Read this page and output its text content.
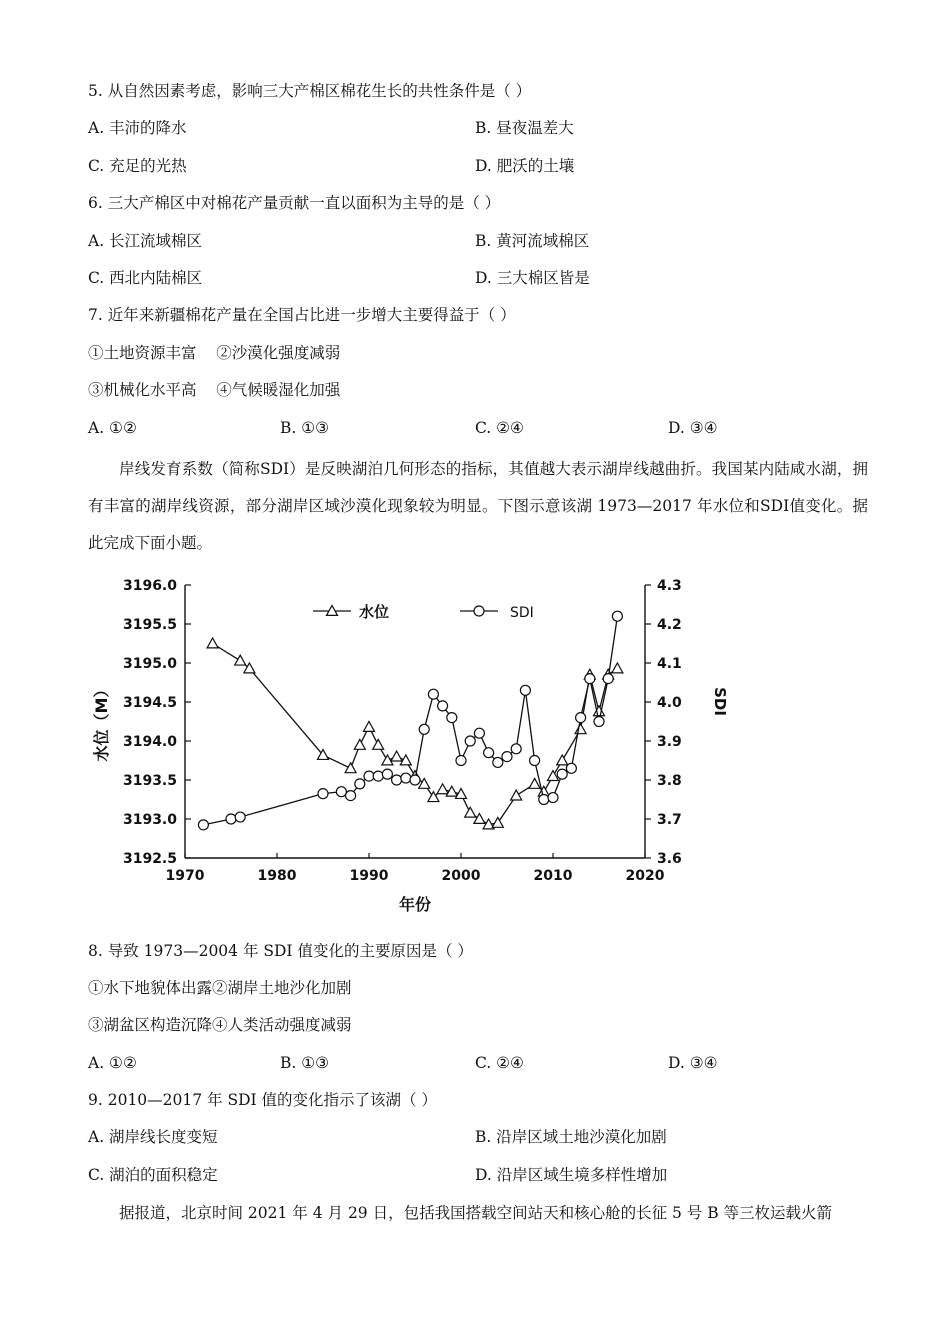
5. 从自然因素考虑，影响三大产棉区棉花生长的共性条件是（ ）
A. 丰沛的降水	B. 昼夜温差大
C. 充足的光热	D. 肥沃的土壤
6. 三大产棉区中对棉花产量贡献一直以面积为主导的是（ ）
A. 长江流域棉区	B. 黄河流域棉区
C. 西北内陆棉区	D. 三大棉区皆是
7. 近年来新疆棉花产量在全国占比进一步增大主要得益于（ ）
①土地资源丰富    ②沙漠化强度减弱
③机械化水平高    ④气候暖湿化加强
A. ①②	B. ①③	C. ②④	D. ③④
岸线发育系数（简称SDI）是反映湖泊几何形态的指标，其值越大表示湖岸线越曲折。我国某内陆咸水湖，拥有丰富的湖岸线资源，部分湖岸区域沙漠化现象较为明显。下图示意该湖 1973—2017 年水位和SDI值变化。据此完成下面小题。
3196.0
3195.5
3195.0
3194.5
3194.0
3193.5
3193.0
3192.5
4.3
4.2
4.1
4.0
3.9
3.8
3.7
3.6
1970	1980	1990	2000	2010	2020
年份
水位（M）	SDI
水位	SDI
8. 导致 1973—2004 年 SDI 值变化的主要原因是（ ）
①水下地貌体出露②湖岸土地沙化加剧
③湖盆区构造沉降④人类活动强度减弱
A. ①②	B. ①③	C. ②④	D. ③④
9. 2010—2017 年 SDI 值的变化指示了该湖（ ）
A. 湖岸线长度变短	B. 沿岸区域土地沙漠化加剧
C. 湖泊的面积稳定	D. 沿岸区域生境多样性增加
据报道，北京时间 2021 年 4 月 29 日，包括我国搭载空间站天和核心舱的长征 5 号 B 等三枚运载火箭
